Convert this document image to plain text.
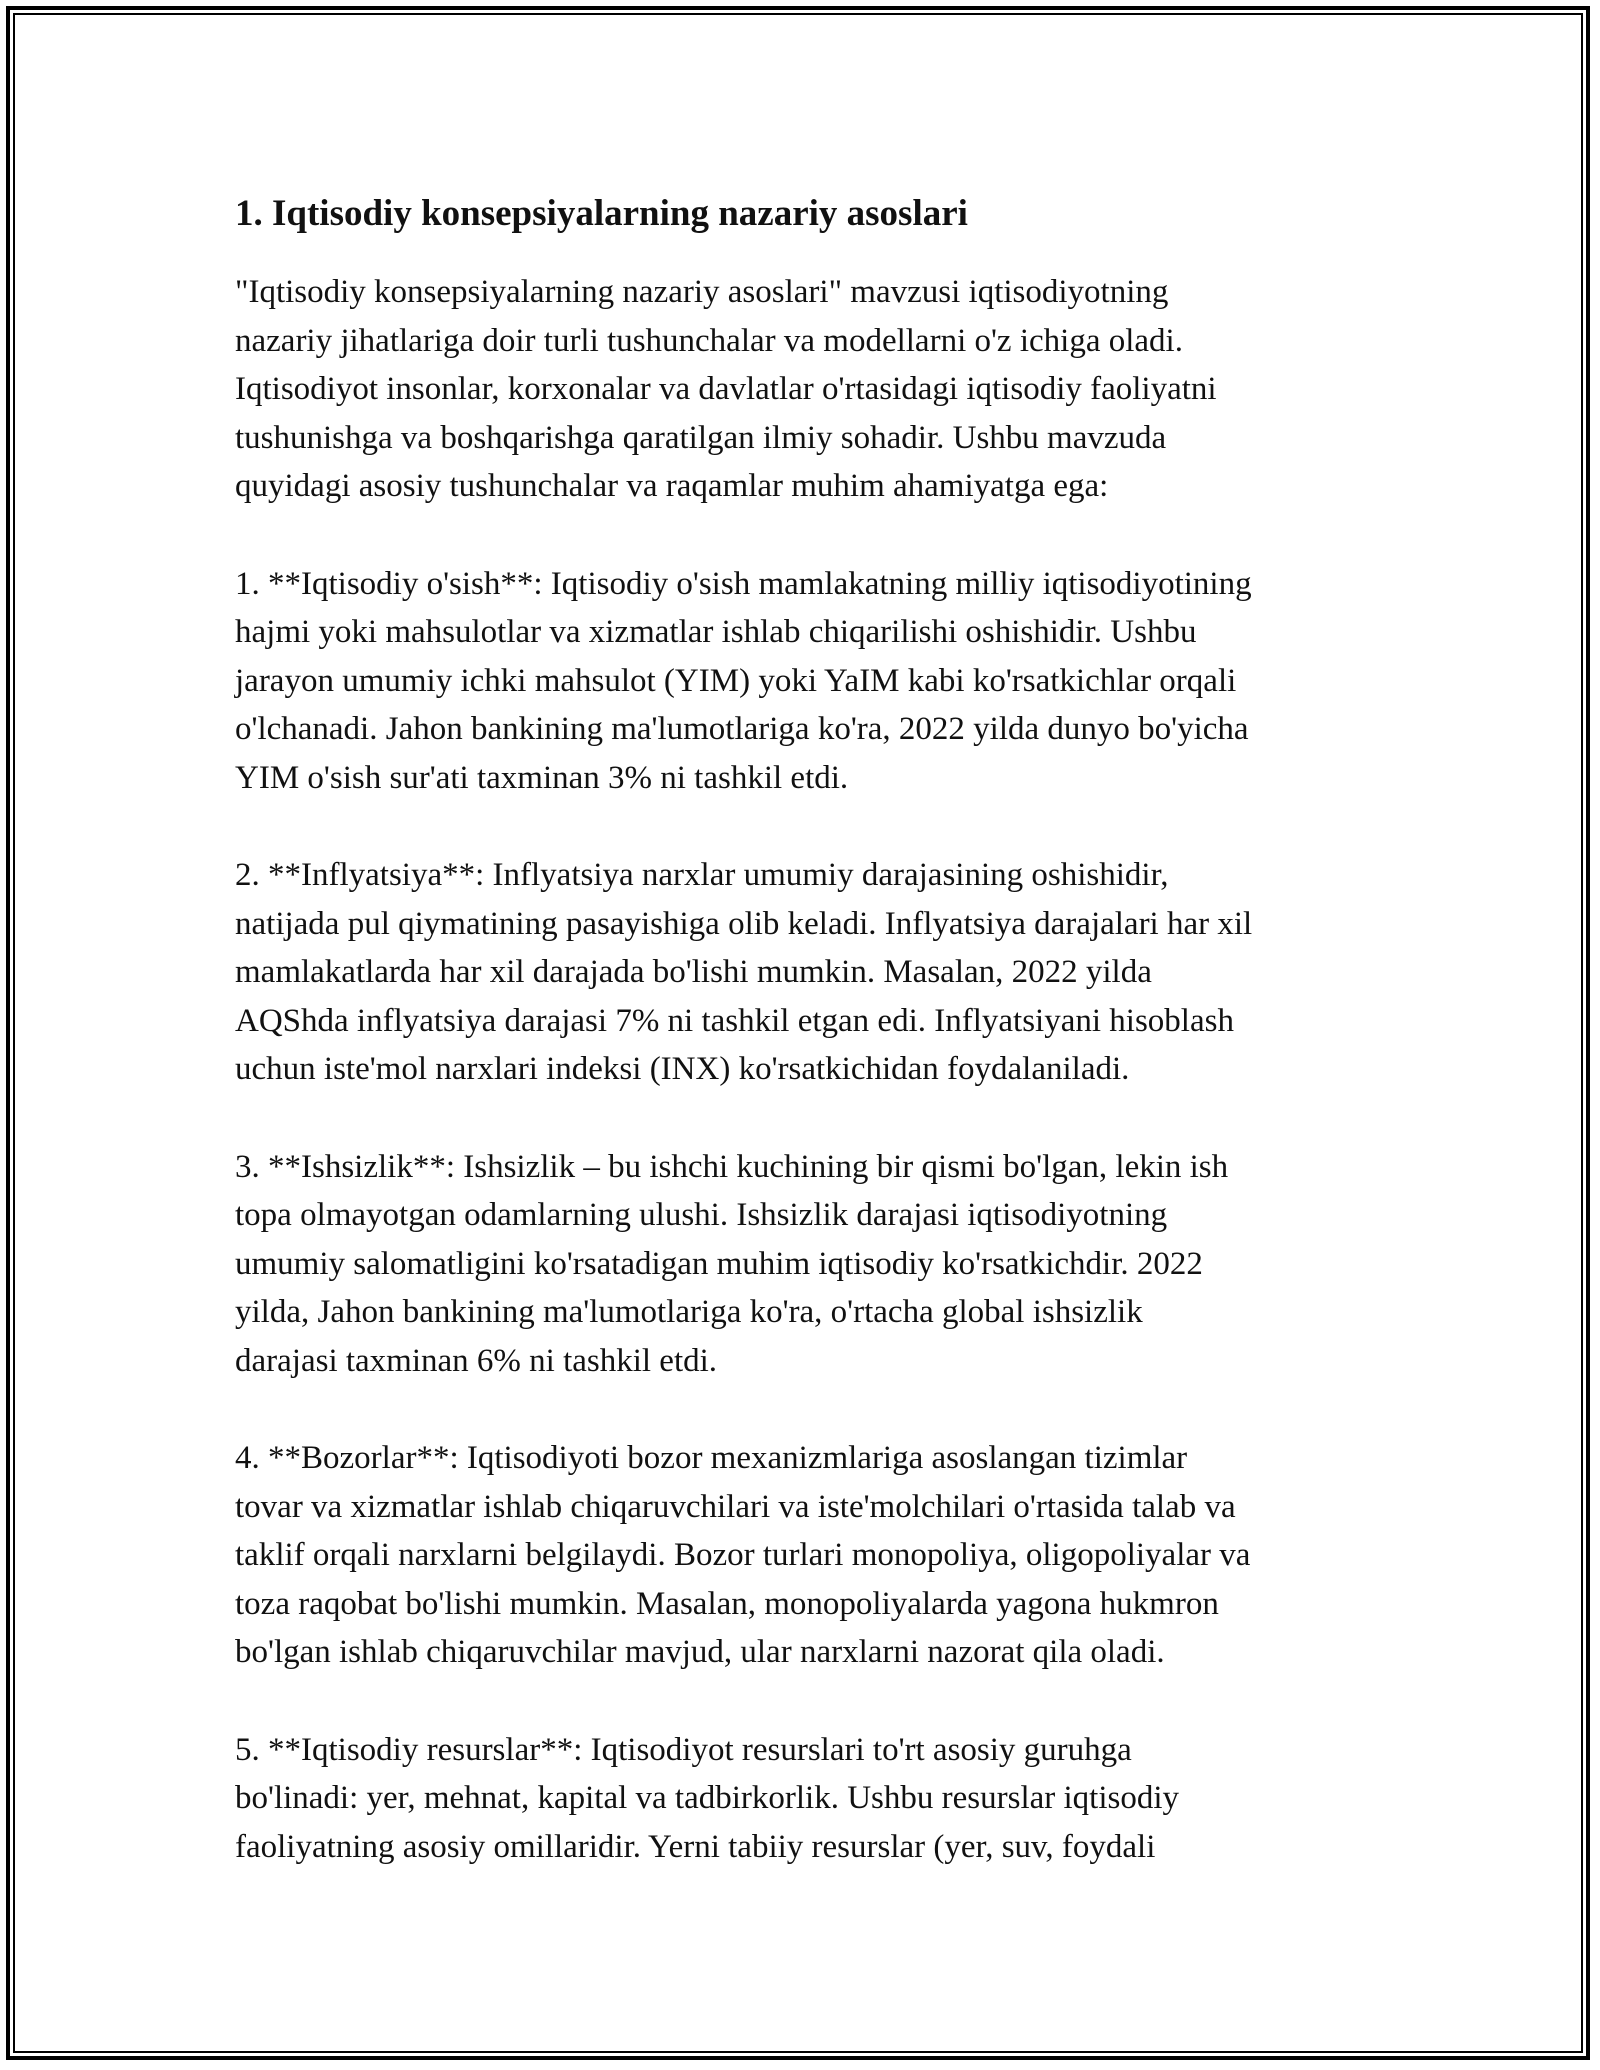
1. Iqtisodiy konsepsiyalarning nazariy asoslari

"Iqtisodiy konsepsiyalarning nazariy asoslari" mavzusi iqtisodiyotning
nazariy jihatlariga doir turli tushunchalar va modellarni o'z ichiga oladi.
Iqtisodiyot insonlar, korxonalar va davlatlar o'rtasidagi iqtisodiy faoliyatni
tushunishga va boshqarishga qaratilgan ilmiy sohadir. Ushbu mavzuda
quyidagi asosiy tushunchalar va raqamlar muhim ahamiyatga ega:

1. **Iqtisodiy o'sish**: Iqtisodiy o'sish mamlakatning milliy iqtisodiyotining
hajmi yoki mahsulotlar va xizmatlar ishlab chiqarilishi oshishidir. Ushbu
jarayon umumiy ichki mahsulot (YIM) yoki YaIM kabi ko'rsatkichlar orqali
o'lchanadi. Jahon bankining ma'lumotlariga ko'ra, 2022 yilda dunyo bo'yicha
YIM o'sish sur'ati taxminan 3% ni tashkil etdi.

2. **Inflyatsiya**: Inflyatsiya narxlar umumiy darajasining oshishidir,
natijada pul qiymatining pasayishiga olib keladi. Inflyatsiya darajalari har xil
mamlakatlarda har xil darajada bo'lishi mumkin. Masalan, 2022 yilda
AQShda inflyatsiya darajasi 7% ni tashkil etgan edi. Inflyatsiyani hisoblash
uchun iste'mol narxlari indeksi (INX) ko'rsatkichidan foydalaniladi.

3. **Ishsizlik**: Ishsizlik – bu ishchi kuchining bir qismi bo'lgan, lekin ish
topa olmayotgan odamlarning ulushi. Ishsizlik darajasi iqtisodiyotning
umumiy salomatligini ko'rsatadigan muhim iqtisodiy ko'rsatkichdir. 2022
yilda, Jahon bankining ma'lumotlariga ko'ra, o'rtacha global ishsizlik
darajasi taxminan 6% ni tashkil etdi.

4. **Bozorlar**: Iqtisodiyoti bozor mexanizmlariga asoslangan tizimlar
tovar va xizmatlar ishlab chiqaruvchilari va iste'molchilari o'rtasida talab va
taklif orqali narxlarni belgilaydi. Bozor turlari monopoliya, oligopoliyalar va
toza raqobat bo'lishi mumkin. Masalan, monopoliyalarda yagona hukmron
bo'lgan ishlab chiqaruvchilar mavjud, ular narxlarni nazorat qila oladi.

5. **Iqtisodiy resurslar**: Iqtisodiyot resurslari to'rt asosiy guruhga
bo'linadi: yer, mehnat, kapital va tadbirkorlik. Ushbu resurslar iqtisodiy
faoliyatning asosiy omillaridir. Yerni tabiiy resurslar (yer, suv, foydali
